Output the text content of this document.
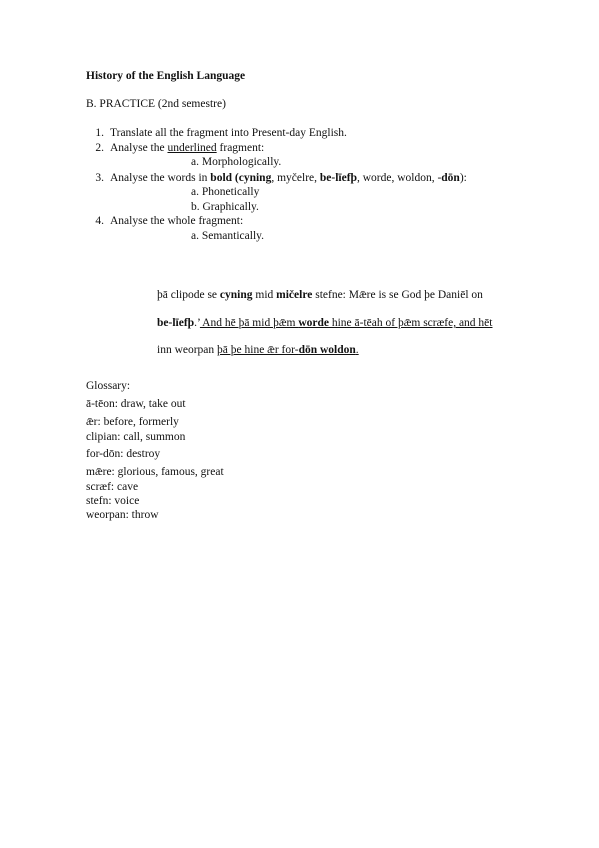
History of the English Language
B. PRACTICE (2nd semestre)
1. Translate all the fragment into Present-day English.
2. Analyse the underlined fragment:
a. Morphologically.
3. Analyse the words in bold (cyning, myčelre, be-līefþ, worde, woldon, -dōn):
a. Phonetically
b. Graphically.
4. Analyse the whole fragment:
a. Semantically.
þā clipode se cyning mid mičelre stefne: Mǣre is se God þe Daniēl on
be-līefþ.’ And hē þā mid þǣm worde hine ā-tēah of þǣm scræfe, and hēt
inn weorpan þā þe hine ǣr for-dōn woldon.
Glossary:
ā-tēon: draw, take out
ǣr: before, formerly
clipian: call, summon
for-dōn: destroy
mǣre: glorious, famous, great
scræf: cave
stefn: voice
weorpan: throw
